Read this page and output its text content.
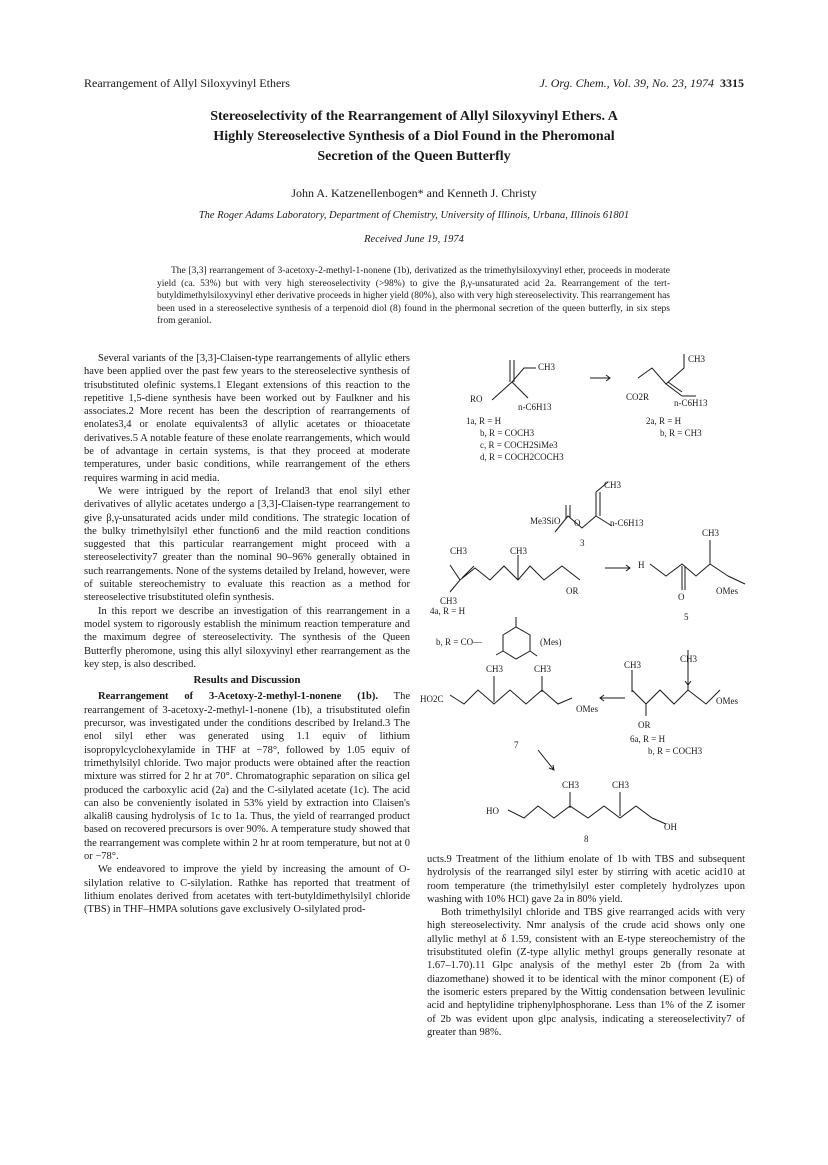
Rearrangement of Allyl Siloxyvinyl Ethers	J. Org. Chem., Vol. 39, No. 23, 1974 3315
Stereoselectivity of the Rearrangement of Allyl Siloxyvinyl Ethers. A
Highly Stereoselective Synthesis of a Diol Found in the Pheromonal
Secretion of the Queen Butterfly
John A. Katzenellenbogen* and Kenneth J. Christy
The Roger Adams Laboratory, Department of Chemistry, University of Illinois, Urbana, Illinois 61801
Received June 19, 1974
The [3,3] rearrangement of 3-acetoxy-2-methyl-1-nonene (1b), derivatized as the trimethylsiloxyvinyl ether, proceeds in moderate yield (ca. 53%) but with very high stereoselectivity (>98%) to give the β,γ-unsaturated acid 2a. Rearrangement of the tert-butyldimethylsiloxyvinyl ether derivative proceeds in higher yield (80%), also with very high stereoselectivity. This rearrangement has been used in a stereoselective synthesis of a terpenoid diol (8) found in the phermonal secretion of the queen butterfly, in six steps from geraniol.

Several variants of the [3,3]-Claisen-type rearrangements of allylic ethers have been applied over the past few years to the stereoselective synthesis of trisubstituted olefinic systems.1 Elegant extensions of this reaction to the repetitive 1,5-diene synthesis have been worked out by Faulkner and his associates.2 More recent has been the description of rearrangements of enolates3,4 or enolate equivalents3 of allylic acetates or thioacetate derivatives.5 A notable feature of these enolate rearrangements, which would be of advantage in certain systems, is that they proceed at moderate temperatures, under basic conditions, while rearrangement of the ethers requires warming in acid media.

We were intrigued by the report of Ireland3 that enol silyl ether derivatives of allylic acetates undergo a [3,3]-Claisen-type rearrangement to give β,γ-unsaturated acids under mild conditions. The strategic location of the bulky trimethylsilyl ether function6 and the mild reaction conditions suggested that this particular rearrangement might proceed with a stereoselectivity7 greater than the nominal 90–96% generally obtained in such rearrangements. None of the systems detailed by Ireland, however, were of suitable stereochemistry to evaluate this reaction as a method for stereoselective trisubstituted olefin synthesis.

In this report we describe an investigation of this rearrangement in a model system to rigorously establish the minimum reaction temperature and the maximum degree of stereoselectivity. The synthesis of the Queen Butterfly pheromone, using this allyl siloxyvinyl ether rearrangement as the key step, is also described.

Results and Discussion

Rearrangement of 3-Acetoxy-2-methyl-1-nonene (1b). The rearrangement of 3-acetoxy-2-methyl-1-nonene (1b), a trisubstituted olefin precursor, was investigated under the conditions described by Ireland.3 The enol silyl ether was generated using 1.1 equiv of lithium isopropylcyclohexylamide in THF at −78°, followed by 1.05 equiv of trimethylsilyl chloride. Two major products were obtained after the reaction mixture was stirred for 2 hr at 70°. Chromatographic separation on silica gel produced the carboxylic acid (2a) and the C-silylated acetate (1c). The acid can also be conveniently isolated in 53% yield by extraction into Claisen's alkali8 causing hydrolysis of 1c to 1a. Thus, the yield of rearranged product based on recovered precursors is over 90%. A temperature study showed that the rearrangement was complete within 2 hr at room temperature, but not at 0 or −78°.

We endeavored to improve the yield by increasing the amount of O-silylation relative to C-silylation. Rathke has reported that treatment of lithium enolates derived from acetates with tert-butyldimethylsilyl chloride (TBS) in THF–HMPA solutions gave exclusively O-silylated prod-

ucts.9 Treatment of the lithium enolate of 1b with TBS and subsequent hydrolysis of the rearranged silyl ester by stirring with acetic acid10 at room temperature (the trimethylsilyl ester completely hydrolyzes upon washing with 10% HCl) gave 2a in 80% yield.

Both trimethylsilyl chloride and TBS give rearranged acids with very high stereoselectivity. Nmr analysis of the crude acid shows only one allylic methyl at δ 1.59, consistent with an E-type stereochemistry of the trisubstituted olefin (Z-type allylic methyl groups generally resonate at 1.67–1.70).11 Glpc analysis of the methyl ester 2b (from 2a with diazomethane) showed it to be identical with the minor component (E) of the isomeric esters prepared by the Wittig condensation between levulinic acid and heptylidine triphenylphosphorane. Less than 1% of the Z isomer of 2b was evident upon glpc analysis, indicating a stereoselectivity7 of greater than 98%.

CH3
RO
n-C6H13
1a, R = H
b, R = COCH3
c, R = COCH2SiMe3
d, R = COCH2COCH3
CH3
CO2R
n-C6H13
2a, R = H
b, R = CH3
CH3
Me3SiO O	n-C6H13
3
CH3	CH3
CH3
OR
4a, R = H
b, R = CO—	(Mes)
H
O
CH3
OMes
5
CH3
CH3
OMes
OR
6a, R = H
b, R = COCH3
CH3	CH3
HO2C
OMes
7
CH3	CH3
HO
OH
8
